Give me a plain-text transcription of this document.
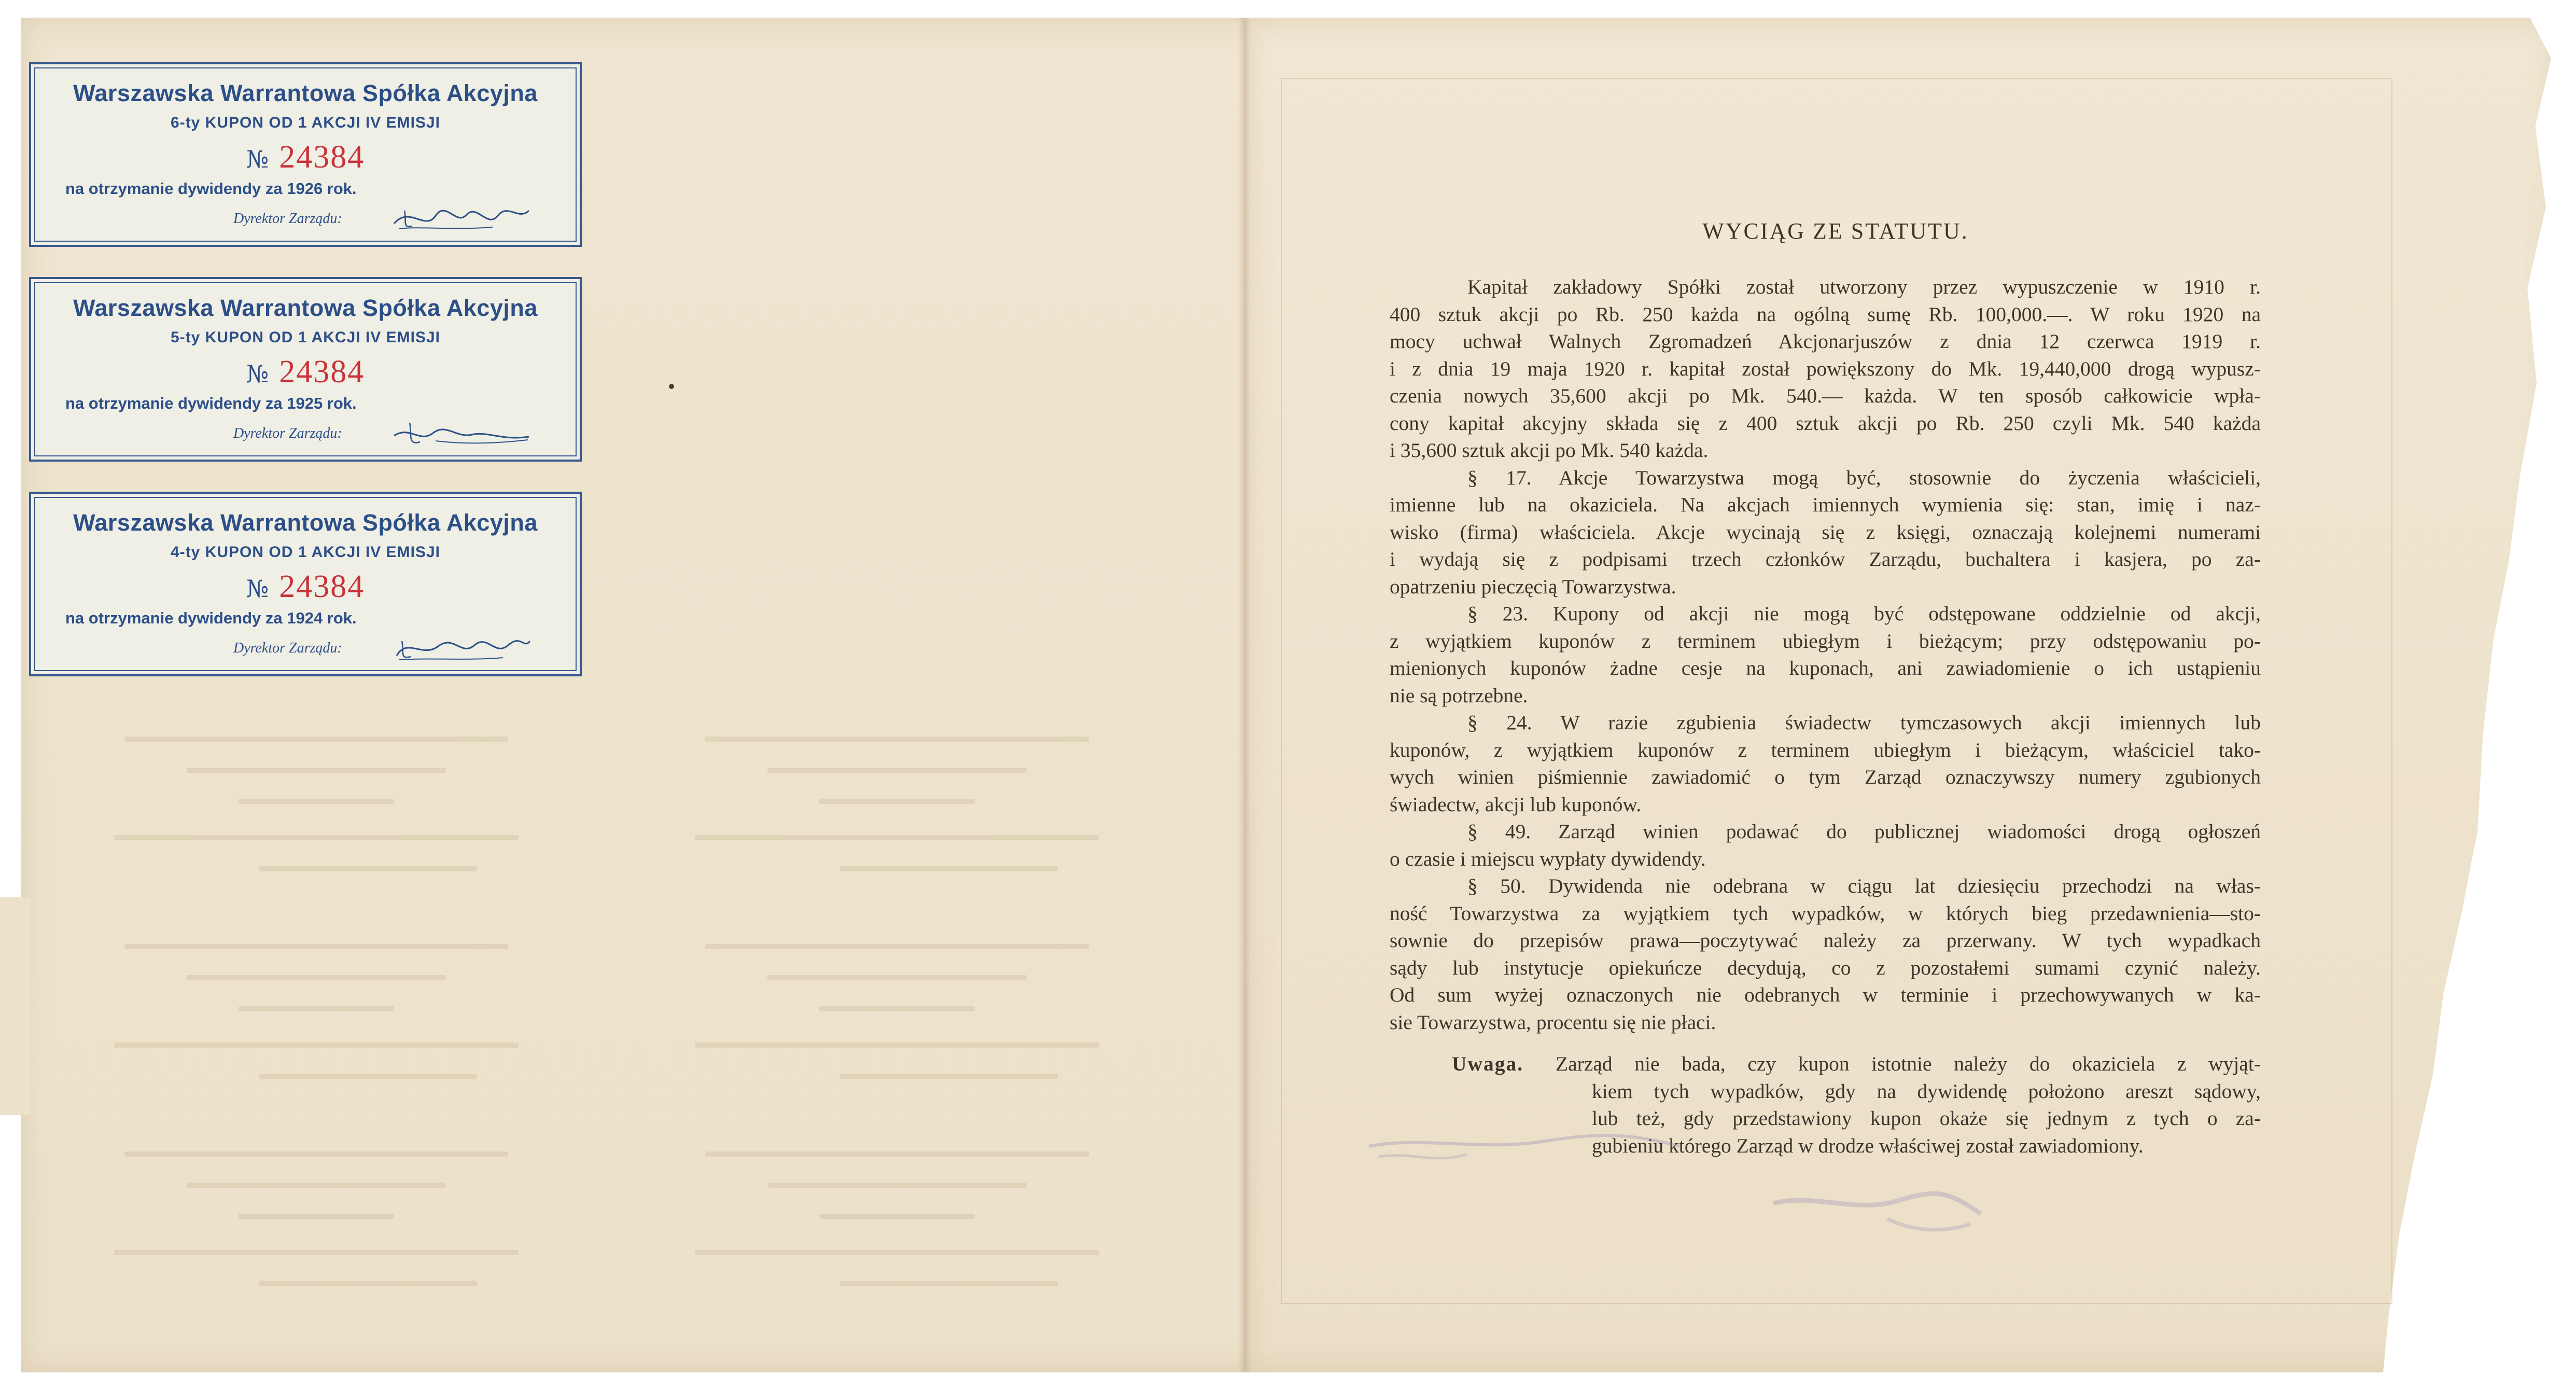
Warszawska Warrantowa Spółka Akcyjna
6-ty KUPON OD 1 AKCJI IV EMISJI
№ 24384
na otrzymanie dywidendy za 1926 rok.
Dyrektor Zarządu:
Warszawska Warrantowa Spółka Akcyjna
5-ty KUPON OD 1 AKCJI IV EMISJI
№ 24384
na otrzymanie dywidendy za 1925 rok.
Dyrektor Zarządu:
Warszawska Warrantowa Spółka Akcyjna
4-ty KUPON OD 1 AKCJI IV EMISJI
№ 24384
na otrzymanie dywidendy za 1924 rok.
Dyrektor Zarządu:
WYCIĄG ZE STATUTU.

Kapitał zakładowy Spółki został utworzony przez wypuszczenie w 1910 r.
400 sztuk akcji po Rb. 250 każda na ogólną sumę Rb. 100,000.—. W roku 1920 na
mocy uchwał Walnych Zgromadzeń Akcjonarjuszów z dnia 12 czerwca 1919 r.
i z dnia 19 maja 1920 r. kapitał został powiększony do Mk. 19,440,000 drogą wypusz-
czenia nowych 35,600 akcji po Mk. 540.— każda. W ten sposób całkowicie wpła-
cony kapitał akcyjny składa się z 400 sztuk akcji po Rb. 250 czyli Mk. 540 każda
i 35,600 sztuk akcji po Mk. 540 każda.

§ 17. Akcje Towarzystwa mogą być, stosownie do życzenia właścicieli,
imienne lub na okaziciela. Na akcjach imiennych wymienia się: stan, imię i naz-
wisko (firma) właściciela. Akcje wycinają się z księgi, oznaczają kolejnemi numerami
i wydają się z podpisami trzech członków Zarządu, buchaltera i kasjera, po za-
opatrzeniu pieczęcią Towarzystwa.

§ 23. Kupony od akcji nie mogą być odstępowane oddzielnie od akcji,
z wyjątkiem kuponów z terminem ubiegłym i bieżącym; przy odstępowaniu po-
mienionych kuponów żadne cesje na kuponach, ani zawiadomienie o ich ustąpieniu
nie są potrzebne.

§ 24. W razie zgubienia świadectw tymczasowych akcji imiennych lub
kuponów, z wyjątkiem kuponów z terminem ubiegłym i bieżącym, właściciel tako-
wych winien piśmiennie zawiadomić o tym Zarząd oznaczywszy numery zgubionych
świadectw, akcji lub kuponów.

§ 49. Zarząd winien podawać do publicznej wiadomości drogą ogłoszeń
o czasie i miejscu wypłaty dywidendy.

§ 50. Dywidenda nie odebrana w ciągu lat dziesięciu przechodzi na włas-
ność Towarzystwa za wyjątkiem tych wypadków, w których bieg przedawnienia—sto-
sownie do przepisów prawa—poczytywać należy za przerwany. W tych wypadkach
sądy lub instytucje opiekuńcze decydują, co z pozostałemi sumami czynić należy.
Od sum wyżej oznaczonych nie odebranych w terminie i przechowywanych w ka-
sie Towarzystwa, procentu się nie płaci.

Uwaga. Zarząd nie bada, czy kupon istotnie należy do okaziciela z wyjąt-
kiem tych wypadków, gdy na dywidendę położono areszt sądowy,
lub też, gdy przedstawiony kupon okaże się jednym z tych o za-
gubieniu którego Zarząd w drodze właściwej został zawiadomiony.
